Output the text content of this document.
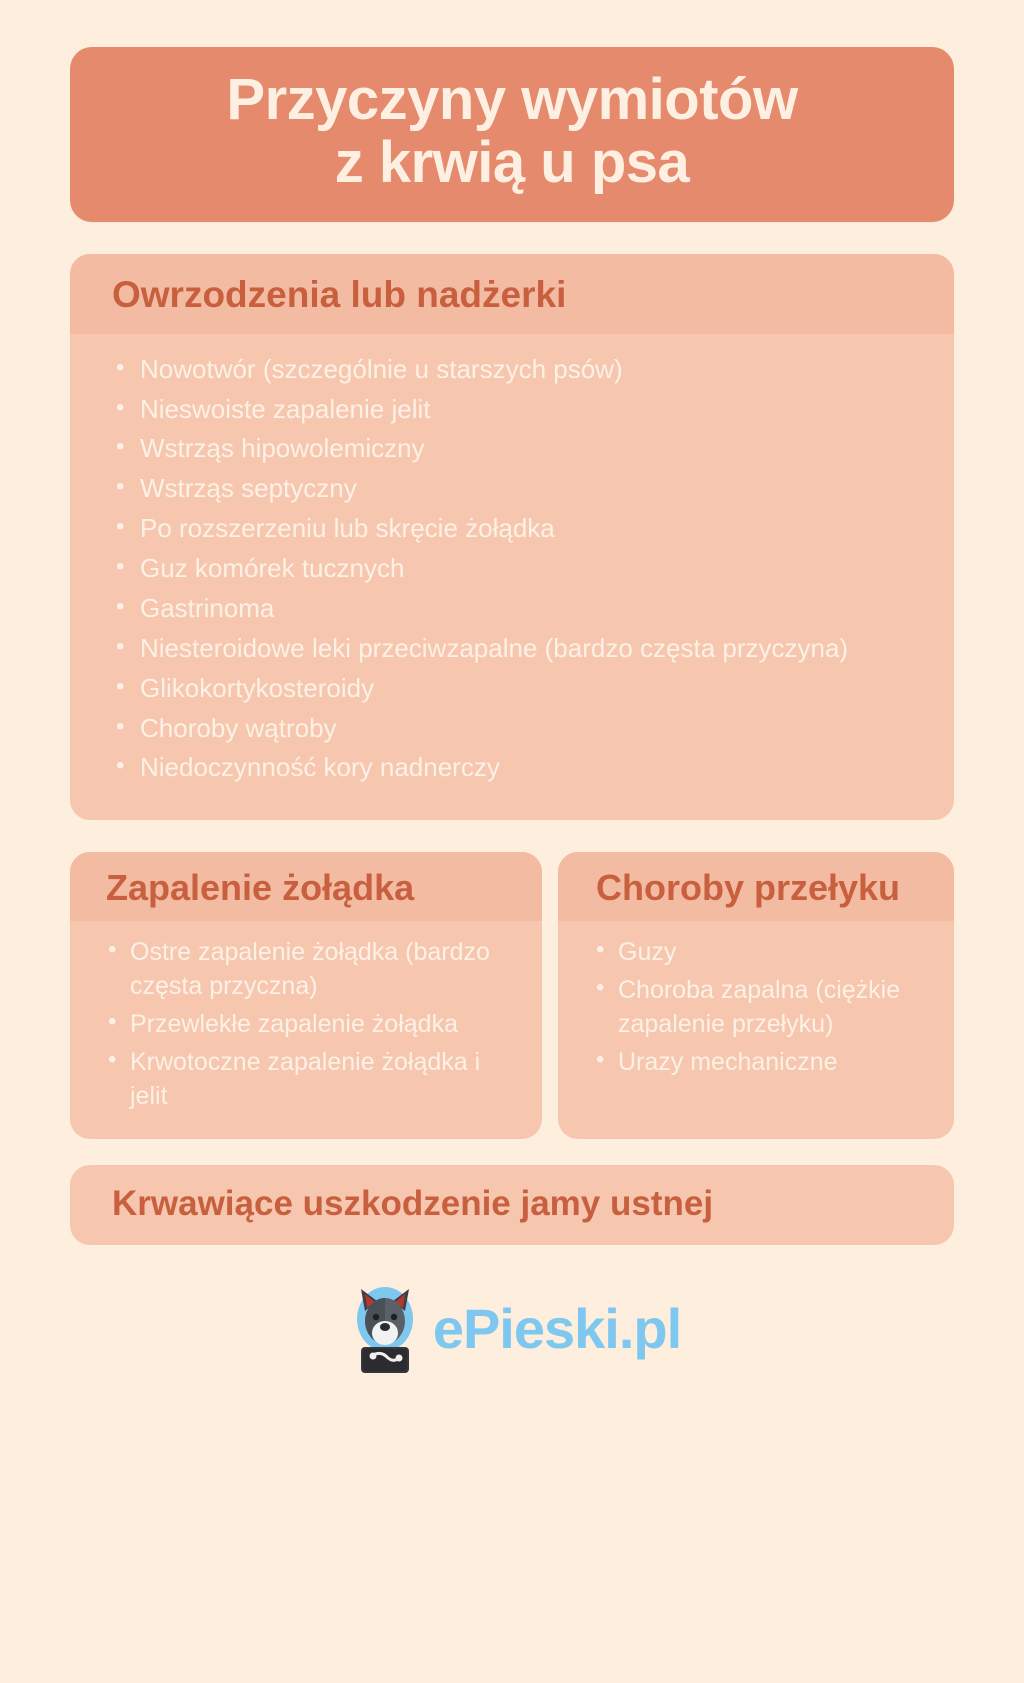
Przyczyny wymiotów
z krwią u psa
Owrzodzenia lub nadżerki
• Nowotwór (szczególnie u starszych psów)
• Nieswoiste zapalenie jelit
• Wstrząs hipowolemiczny
• Wstrząs septyczny
• Po rozszerzeniu lub skręcie żołądka
• Guz komórek tucznych
• Gastrinoma
• Niesteroidowe leki przeciwzapalne (bardzo częsta przyczyna)
• Glikokortykosteroidy
• Choroby wątroby
• Niedoczynność kory nadnerczy
Zapalenie żołądka
• Ostre zapalenie żołądka (bardzo częsta przyczna)
• Przewlekłe zapalenie żołądka
• Krwotoczne zapalenie żołądka i jelit
Choroby przełyku
• Guzy
• Choroba zapalna (ciężkie zapalenie przełyku)
• Urazy mechaniczne
Krwawiące uszkodzenie jamy ustnej
ePieski.pl
